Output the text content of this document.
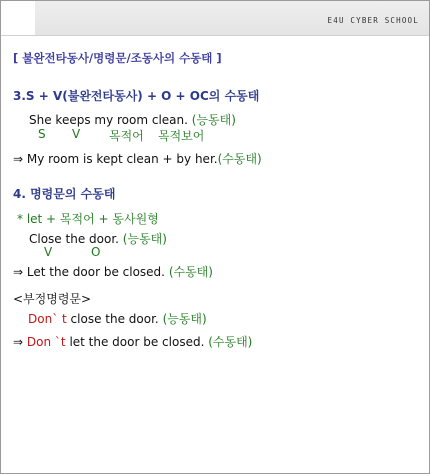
E4U CYBER SCHOOL
[ 불완전타동사/명령문/조동사의 수동태 ]
3.S + V(불완전타동사) + O + OC의 수동태
She keeps my room clean. (능동태)
S V 목적어 목적보어
⇒ My room is kept clean + by her.(수동태)
4. 명령문의 수동태
* let + 목적어 + 동사원형
Close the door. (능동태)
V	O
⇒ Let the door be closed. (수동태)
<부정명령문>
Don` t close the door. (능동태)
⇒ Don `t let the door be closed. (수동태)
